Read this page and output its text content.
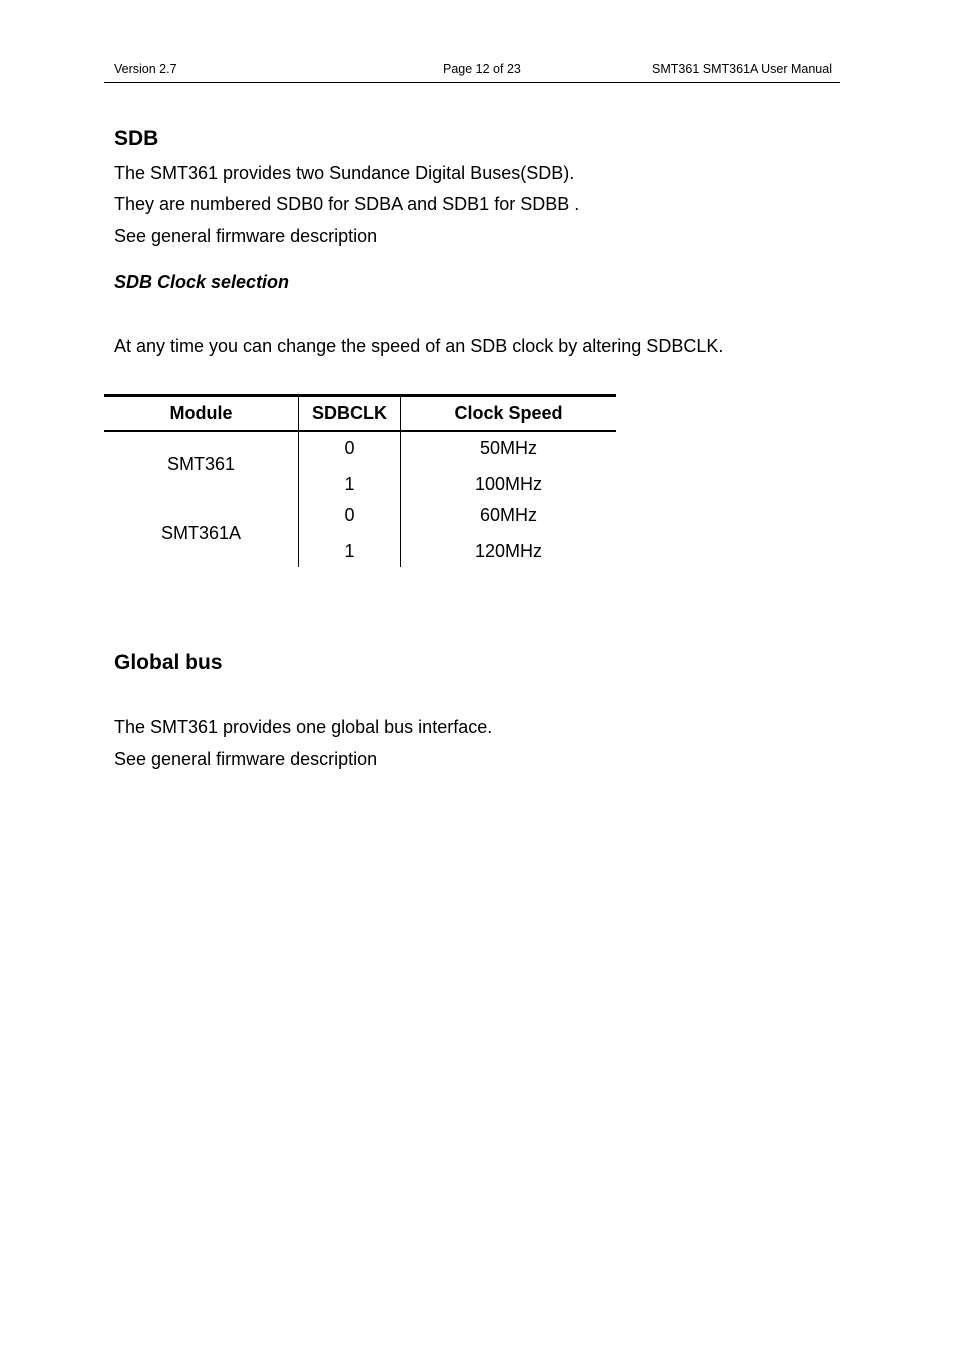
Version 2.7	Page 12 of 23	SMT361 SMT361A User Manual
SDB
The SMT361 provides two Sundance Digital Buses(SDB).
They are numbered SDB0 for SDBA and SDB1 for SDBB .
See general firmware description
SDB Clock selection
At any time you can change the speed of an SDB clock by altering SDBCLK.
Module	SDBCLK	Clock Speed
SMT361
0	50MHz
1	100MHz
SMT361A
0	60MHz
1	120MHz
Global bus
The SMT361 provides one global bus interface.
See general firmware description
